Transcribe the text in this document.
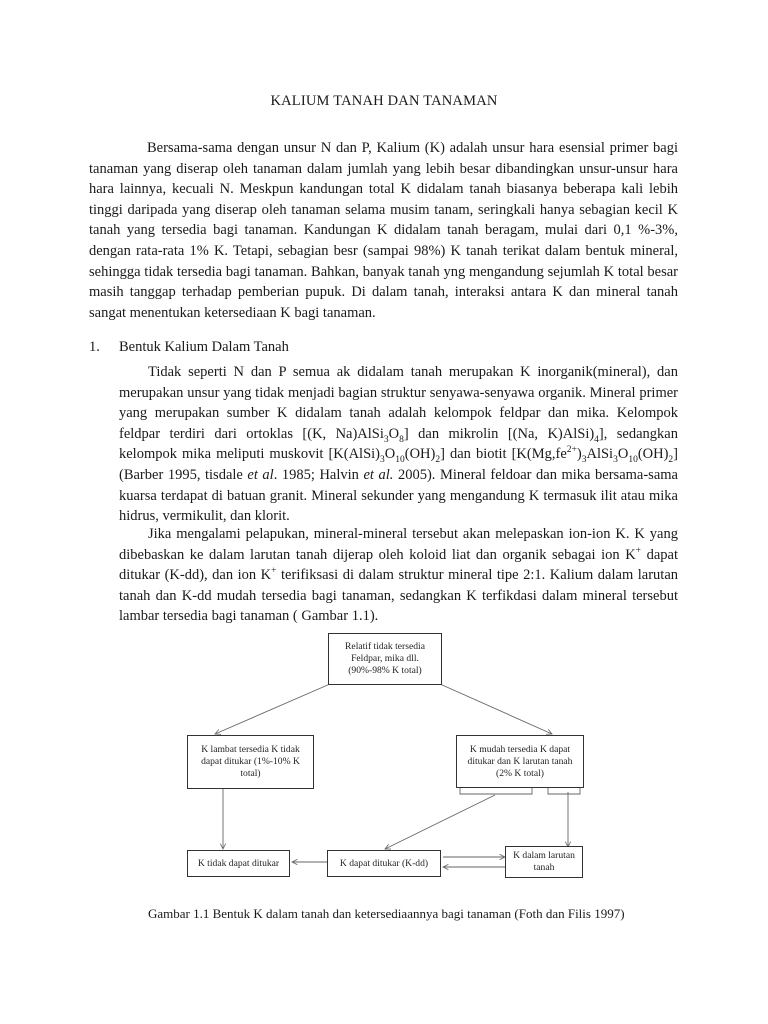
KALIUM TANAH DAN TANAMAN

Bersama-sama dengan unsur N dan P, Kalium (K) adalah unsur hara esensial primer bagi tanaman yang diserap oleh tanaman dalam jumlah yang lebih besar dibandingkan unsur-unsur hara hara lainnya, kecuali N. Meskpun kandungan total K didalam tanah biasanya beberapa kali lebih tinggi daripada yang diserap oleh tanaman selama musim tanam, seringkali hanya sebagian kecil K tanah yang tersedia bagi tanaman. Kandungan K didalam tanah beragam, mulai dari 0,1 %-3%, dengan rata-rata 1% K. Tetapi, sebagian besr (sampai 98%) K tanah terikat dalam bentuk mineral, sehingga tidak tersedia bagi tanaman. Bahkan, banyak tanah yng mengandung sejumlah K total besar masih tanggap terhadap pemberian pupuk. Di dalam tanah, interaksi antara K dan mineral tanah sangat menentukan ketersediaan K bagi tanaman.

1. Bentuk Kalium Dalam Tanah

Tidak seperti N dan P semua ak didalam tanah merupakan K inorganik(mineral), dan merupakan unsur yang tidak menjadi bagian struktur senyawa-senyawa organik. Mineral primer yang merupakan sumber K didalam tanah adalah kelompok feldpar dan mika. Kelompok feldpar terdiri dari ortoklas [(K, $Na)AlSi_3O_8$] dan mikrolin [(Na, $K)AlSi)_4$], sedangkan kelompok mika meliputi muskovit $[K(AlSi)_3O_{10}(OH)_2]$ dan biotit $[K(Mg,fe^{2+})_3AlSi_3O_{10}(OH)_2]$ (Barber 1995, tisdale et al. 1985; Halvin et al. 2005). Mineral feldoar dan mika bersama-sama kuarsa terdapat di batuan granit. Mineral sekunder yang mengandung K termasuk ilit atau mika hidrus, vermikulit, dan klorit.

Jika mengalami pelapukan, mineral-mineral tersebut akan melepaskan ion-ion K. K yang dibebaskan ke dalam larutan tanah dijerap oleh koloid liat dan organik sebagai ion K+ dapat ditukar (K-dd), dan ion K+ terifiksasi di dalam struktur mineral tipe 2:1. Kalium dalam larutan tanah dan K-dd mudah tersedia bagi tanaman, sedangkan K terfikdasi dalam mineral tersebut lambar tersedia bagi tanaman ( Gambar 1.1).

Relatif tidak tersedia Feldpar, mika dll. (90%-98% K total)
K lambat tersedia K tidak dapat ditukar (1%-10% K total)
K mudah tersedia K dapat ditukar dan K larutan tanah (2% K total)
K tidak dapat ditukar	K dapat ditukar (K-dd)
K dalam larutan tanah
Gambar 1.1 Bentuk K dalam tanah dan ketersediaannya bagi tanaman (Foth dan Filis 1997)
